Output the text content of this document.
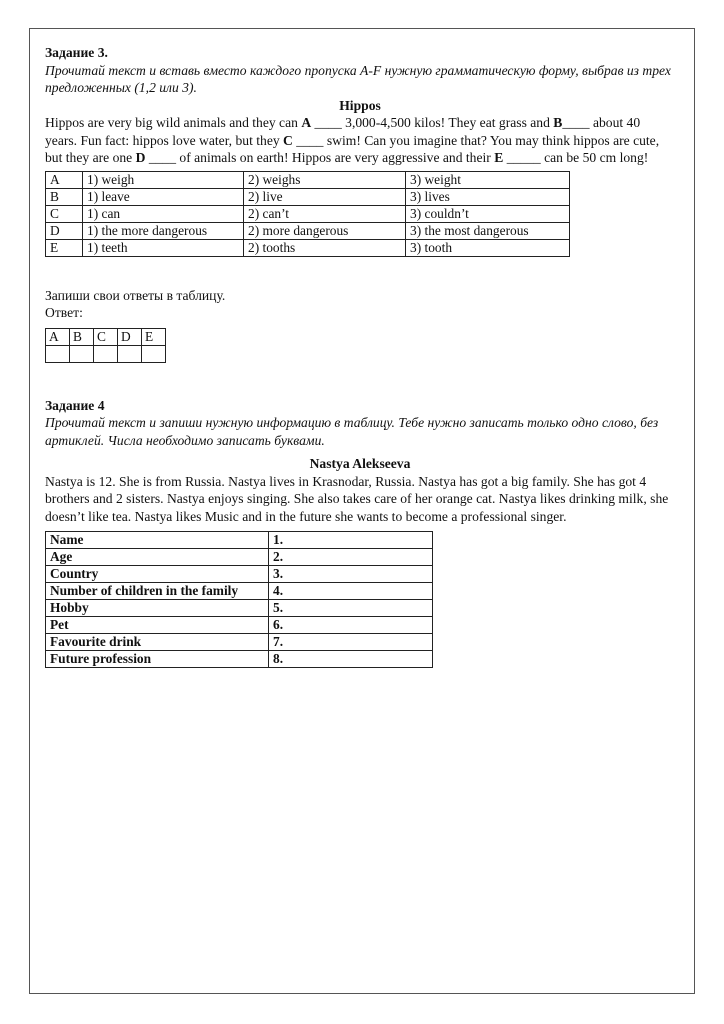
Задание 3.

Прочитай текст и вставь вместо каждого пропуска A-F нужную грамматическую форму, выбрав из трех предложенных (1,2 или 3).

Hippos

Hippos are very big wild animals and they can A ____ 3,000-4,500 kilos! They eat grass and B____ about 40 years. Fun fact: hippos love water, but they C ____ swim! Can you imagine that? You may think hippos are cute, but they are one D ____ of animals on earth! Hippos are very aggressive and their E _____ can be 50 cm long!

A	1) weigh	2) weighs	3) weight
B	1) leave	2) live	3) lives
C	1) can	2) can’t	3) couldn’t
D	1) the more dangerous	2) more dangerous	3) the most dangerous
E	1) teeth	2) tooths	3) tooth

Запиши свои ответы в таблицу.

Ответ:

A	B	C	D	E

Задание 4

Прочитай текст и запиши нужную информацию в таблицу. Тебе нужно записать только одно слово, без артиклей. Числа необходимо записать буквами.

Nastya Alekseeva

Nastya is 12. She is from Russia. Nastya lives in Krasnodar, Russia. Nastya has got a big family. She has got 4 brothers and 2 sisters. Nastya enjoys singing. She also takes care of her orange cat. Nastya likes drinking milk, she doesn’t like tea. Nastya likes Music and in the future she wants to become a professional singer.

Name	1.
Age	2.
Country	3.
Number of children in the family	4.
Hobby	5.
Pet	6.
Favourite drink	7.
Future profession	8.
